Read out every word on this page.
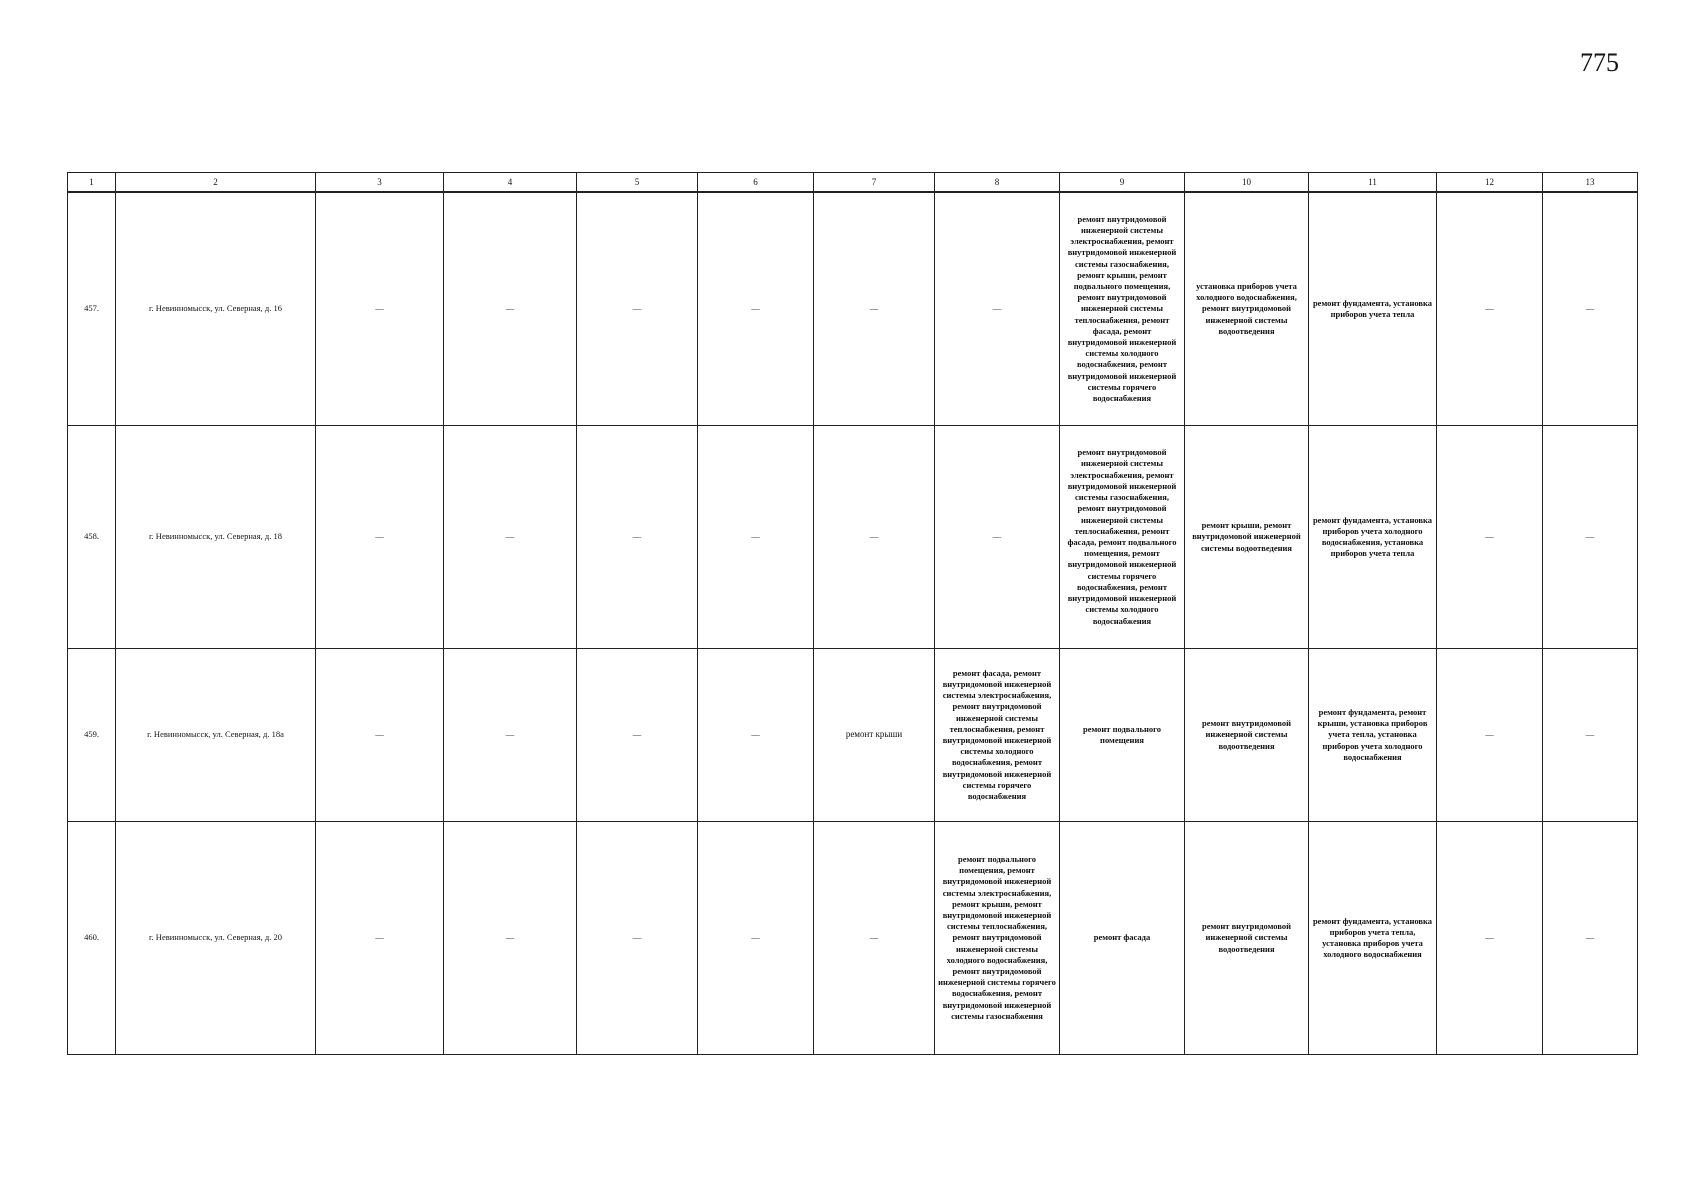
775
1	2	3	4	5	6	7	8	9	10	11	12	13
457.	г. Невинномысск, ул. Северная, д. 16	—	—	—	—	—	—	ремонт внутридомовой инженерной системы электроснабжения, ремонт внутридомовой инженерной системы газоснабжения, ремонт крыши, ремонт подвального помещения, ремонт внутридомовой инженерной системы теплоснабжения, ремонт фасада, ремонт внутридомовой инженерной системы холодного водоснабжения, ремонт внутридомовой инженерной системы горячего водоснабжения	установка приборов учета холодного водоснабжения, ремонт внутридомовой инженерной системы водоотведения	ремонт фундамента, установка приборов учета тепла	—	—
458.	г. Невинномысск, ул. Северная, д. 18	—	—	—	—	—	—	ремонт внутридомовой инженерной системы электроснабжения, ремонт внутридомовой инженерной системы газоснабжения, ремонт внутридомовой инженерной системы теплоснабжения, ремонт фасада, ремонт подвального помещения, ремонт внутридомовой инженерной системы горячего водоснабжения, ремонт внутридомовой инженерной системы холодного водоснабжения	ремонт крыши, ремонт внутридомовой инженерной системы водоотведения	ремонт фундамента, установка приборов учета холодного водоснабжения, установка приборов учета тепла	—	—
459.	г. Невинномысск, ул. Северная, д. 18а	—	—	—	—	ремонт крыши	ремонт фасада, ремонт внутридомовой инженерной системы электроснабжения, ремонт внутридомовой инженерной системы теплоснабжения, ремонт внутридомовой инженерной системы холодного водоснабжения, ремонт внутридомовой инженерной системы горячего водоснабжения	ремонт подвального помещения	ремонт внутридомовой инженерной системы водоотведения	ремонт фундамента, ремонт крыши, установка приборов учета тепла, установка приборов учета холодного водоснабжения	—	—
460.	г. Невинномысск, ул. Северная, д. 20	—	—	—	—	—	ремонт подвального помещения, ремонт внутридомовой инженерной системы электроснабжения, ремонт крыши, ремонт внутридомовой инженерной системы теплоснабжения, ремонт внутридомовой инженерной системы холодного водоснабжения, ремонт внутридомовой инженерной системы горячего водоснабжения, ремонт внутридомовой инженерной системы газоснабжения	ремонт фасада	ремонт внутридомовой инженерной системы водоотведения	ремонт фундамента, установка приборов учета тепла, установка приборов учета холодного водоснабжения	—	—
